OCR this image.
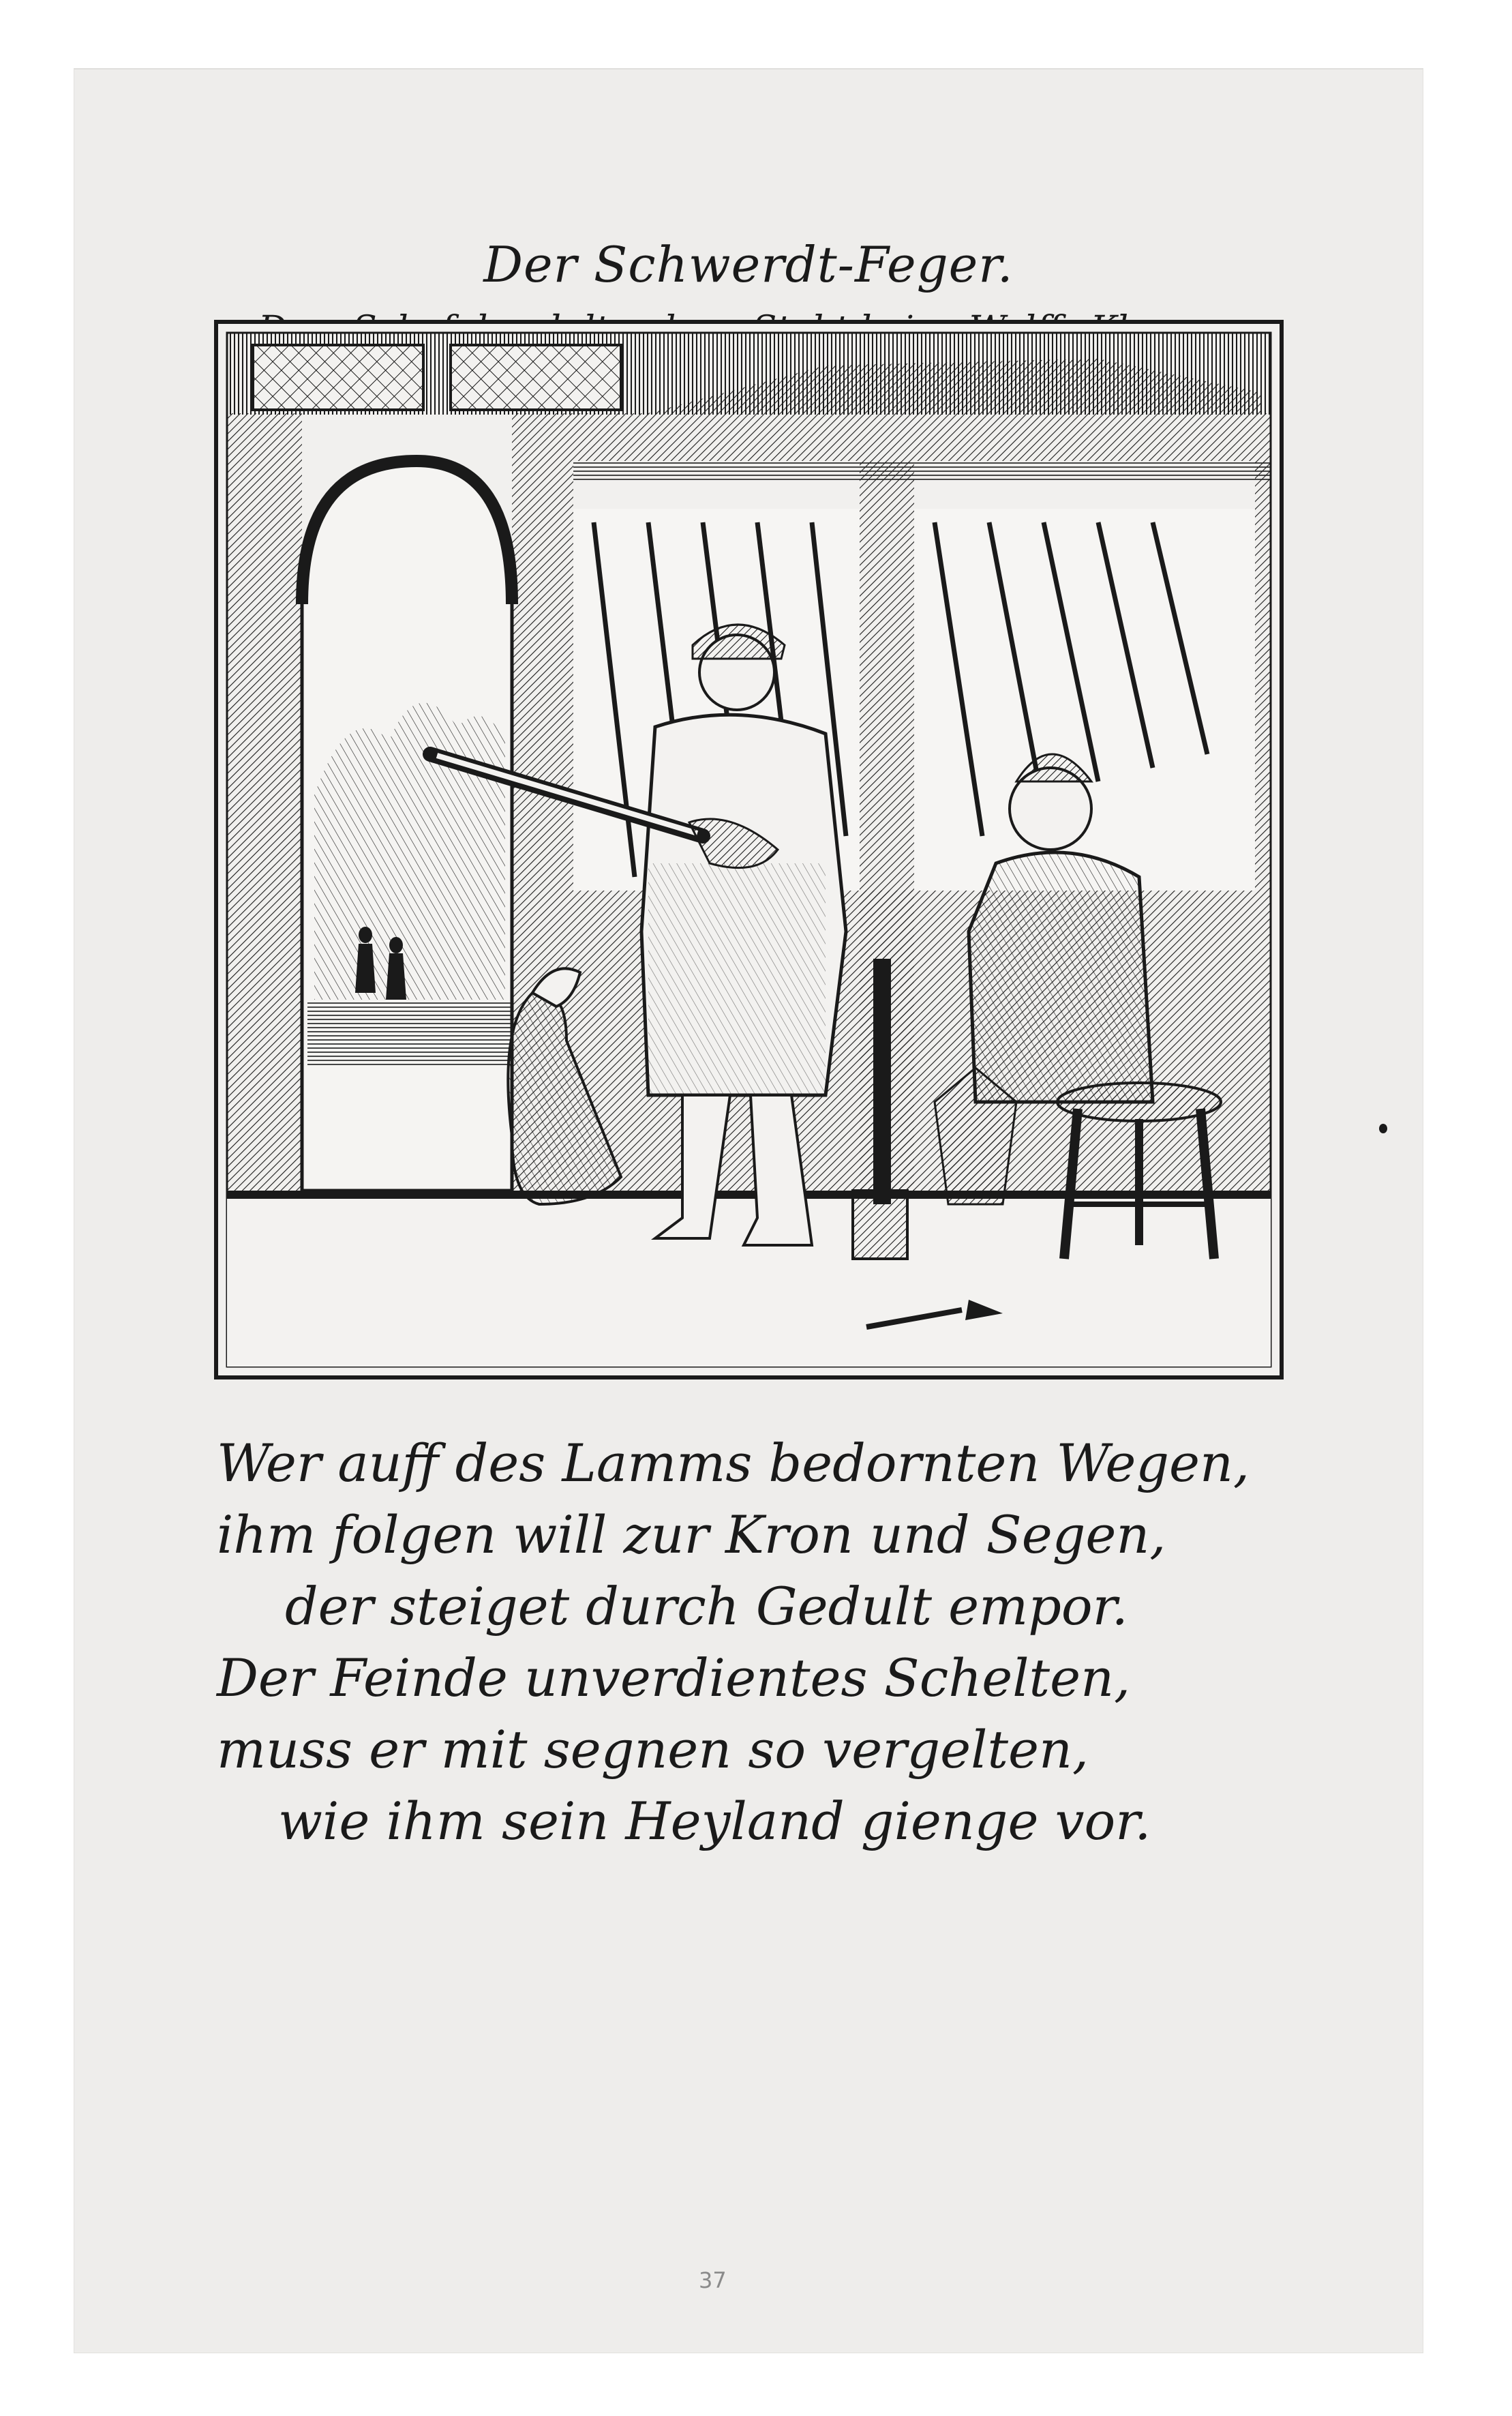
Der Schwerdt-Feger.
Wer auff des Lamms bedornten Wegen,
ihm folgen will zur Kron und Segen,
der steiget durch Gedult empor.
Der Feinde unverdientes Schelten,
muss er mit segnen so vergelten,
wie ihm sein Heyland gienge vor.
37
